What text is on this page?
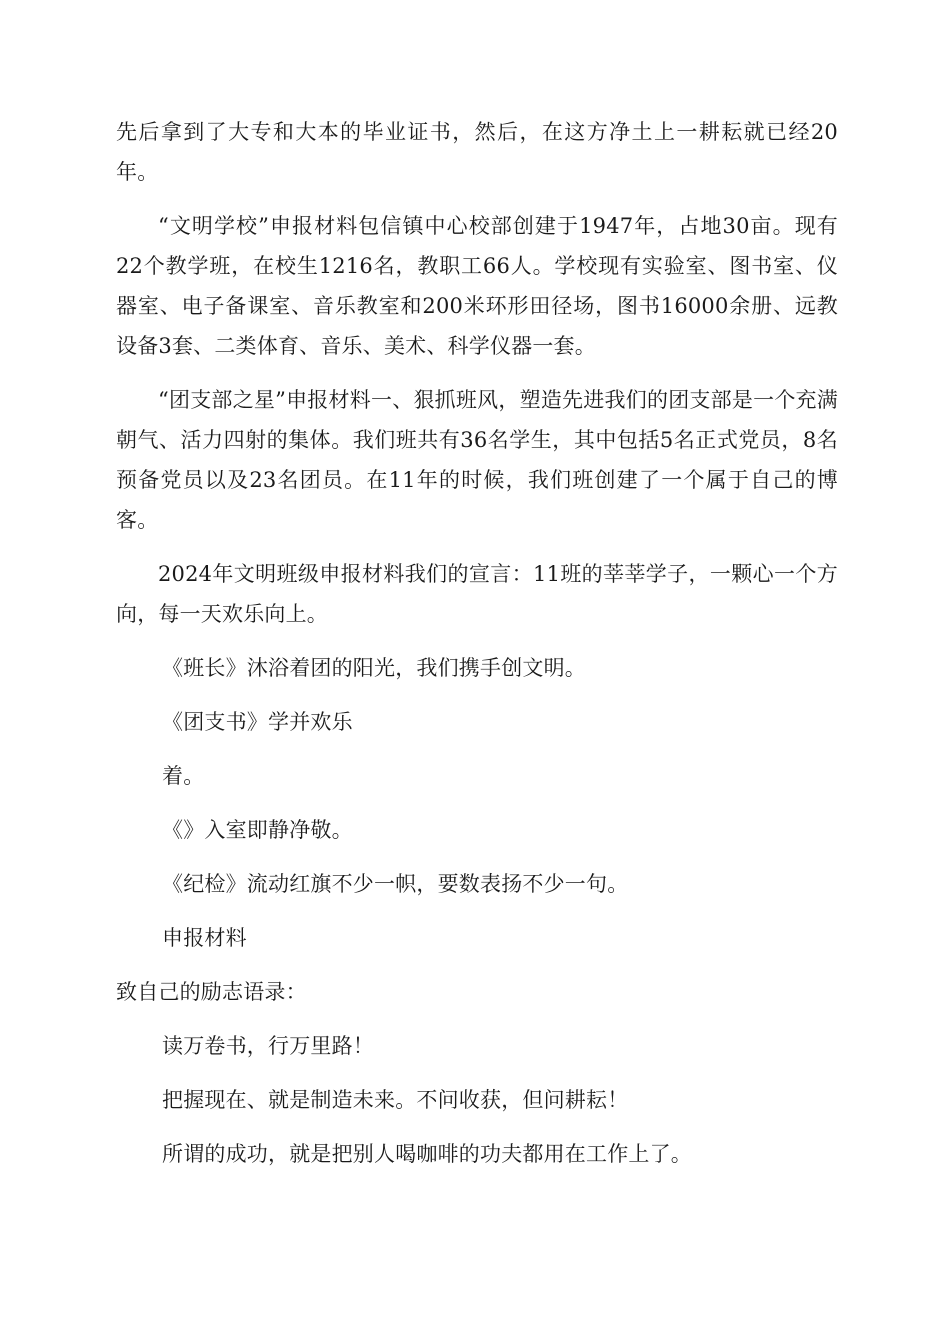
先后拿到了大专和大本的毕业证书，然后，在这方净土上一耕耘就已经20年。

“文明学校”申报材料包信镇中心校部创建于1947年，占地30亩。现有22个教学班，在校生1216名，教职工66人。学校现有实验室、图书室、仪器室、电子备课室、音乐教室和200米环形田径场，图书16000余册、远教设备3套、二类体育、音乐、美术、科学仪器一套。

“团支部之星”申报材料一、狠抓班风，塑造先进我们的团支部是一个充满朝气、活力四射的集体。我们班共有36名学生，其中包括5名正式党员，8名预备党员以及23名团员。在11年的时候，我们班创建了一个属于自己的博客。

2024年文明班级申报材料我们的宣言：11班的莘莘学子，一颗心一个方向，每一天欢乐向上。

《班长》沐浴着团的阳光，我们携手创文明。

《团支书》学并欢乐

着。

《》入室即静净敬。

《纪检》流动红旗不少一帜，要数表扬不少一句。

申报材料

致自己的励志语录：

读万卷书，行万里路！

把握现在、就是制造未来。不问收获，但问耕耘！

所谓的成功，就是把别人喝咖啡的功夫都用在工作上了。
